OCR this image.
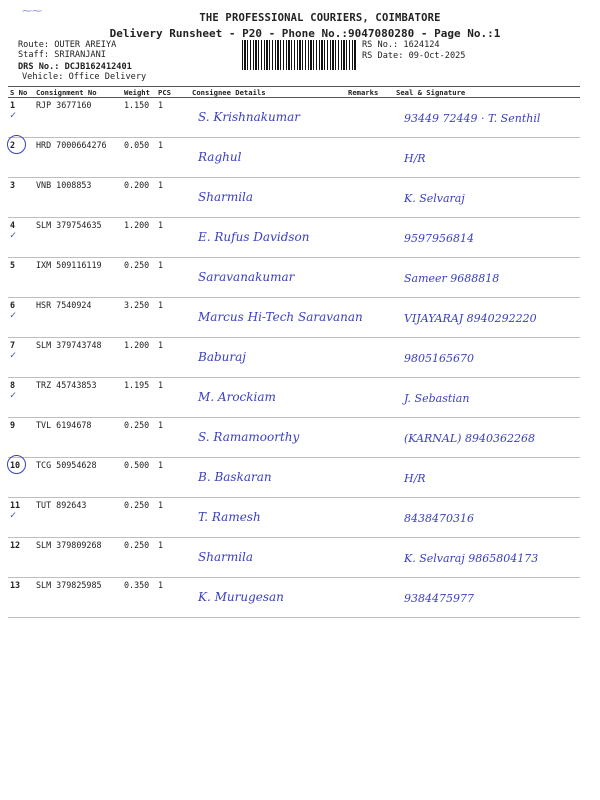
⁓⁓
THE PROFESSIONAL COURIERS, COIMBATORE
Delivery Runsheet - P20 - Phone No.:9047080280 - Page No.:1
Route: OUTER AREIYA
Staff: SRIRANJANI
DRS No.: DCJB162412401
Vehicle: Office Delivery
RS No.: 1624124
RS Date: 09-Oct-2025
S No	Consignment No	Weight	PCS	Consignee Details	Remarks	Seal & Signature

✓
1	RJP 3677160	1.150	1	S. Krishnakumar		93449 72449 · T. Senthil

2	HRD 7000664276	0.050	1	Raghul		H/R

3	VNB 1008853	0.200	1	Sharmila		K. Selvaraj

✓
4	SLM 379754635	1.200	1	E. Rufus Davidson		9597956814

5	IXM 509116119	0.250	1	Saravanakumar		Sameer 9688818

✓
6	HSR 7540924	3.250	1	Marcus Hi-Tech Saravanan		VIJAYARAJ 8940292220

✓
7	SLM 379743748	1.200	1	Baburaj		9805165670

✓
8	TRZ 45743853	1.195	1	M. Arockiam		J. Sebastian

9	TVL 6194678	0.250	1	S. Ramamoorthy		(KARNAL) 8940362268

10	TCG 50954628	0.500	1	B. Baskaran		H/R

✓
11	TUT 892643	0.250	1	T. Ramesh		8438470316

12	SLM 379809268	0.250	1	Sharmila		K. Selvaraj 9865804173

13	SLM 379825985	0.350	1	K. Murugesan		9384475977
